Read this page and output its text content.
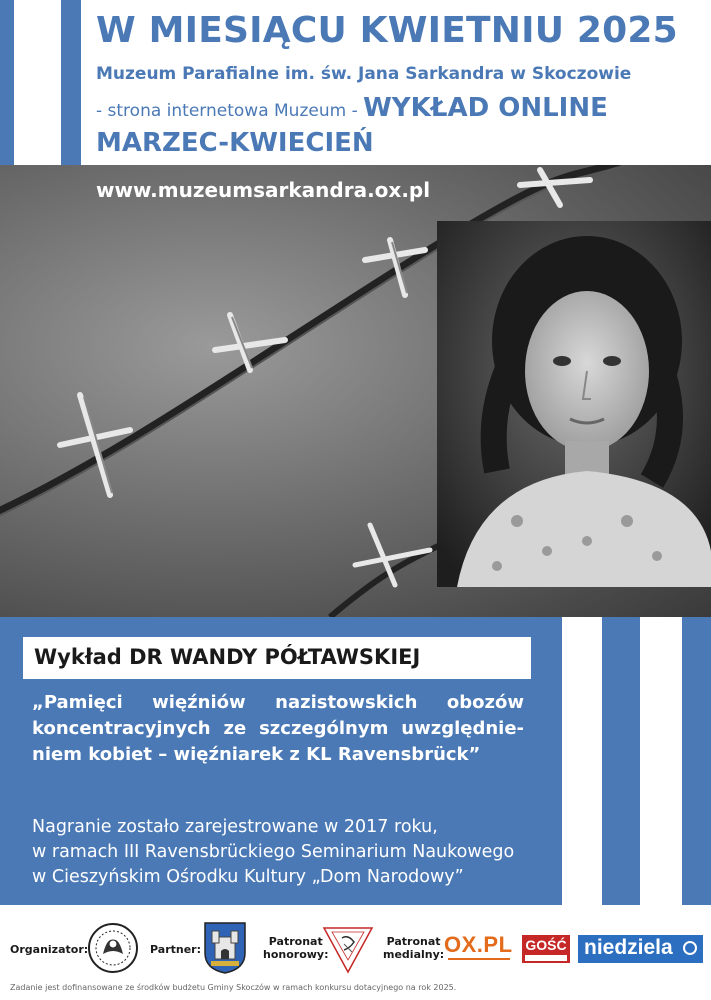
W MIESIĄCU KWIETNIU 2025
Muzeum Parafialne im. św. Jana Sarkandra w Skoczowie
- strona internetowa Muzeum - WYKŁAD ONLINE
MARZEC-KWIECIEŃ
www.muzeumsarkandra.ox.pl
Wykład DR WANDY PÓŁTAWSKIEJ
„Pamięci więźniów nazistowskich obozów koncentracyjnych ze szczególnym uwzględnie-niem kobiet – więźniarek z KL Ravensbrück”
Nagranie zostało zarejestrowane w 2017 roku,
w ramach III Ravensbrückiego Seminarium Naukowego
w Cieszyńskim Ośrodku Kultury „Dom Narodowy”
Organizator:	Partner:
Patronat
honorowy:
Patronat
medialny: OX.PL GOŚĆ niedziela
Zadanie jest dofinansowane ze środków budżetu Gminy Skoczów w ramach konkursu dotacyjnego na rok 2025.
